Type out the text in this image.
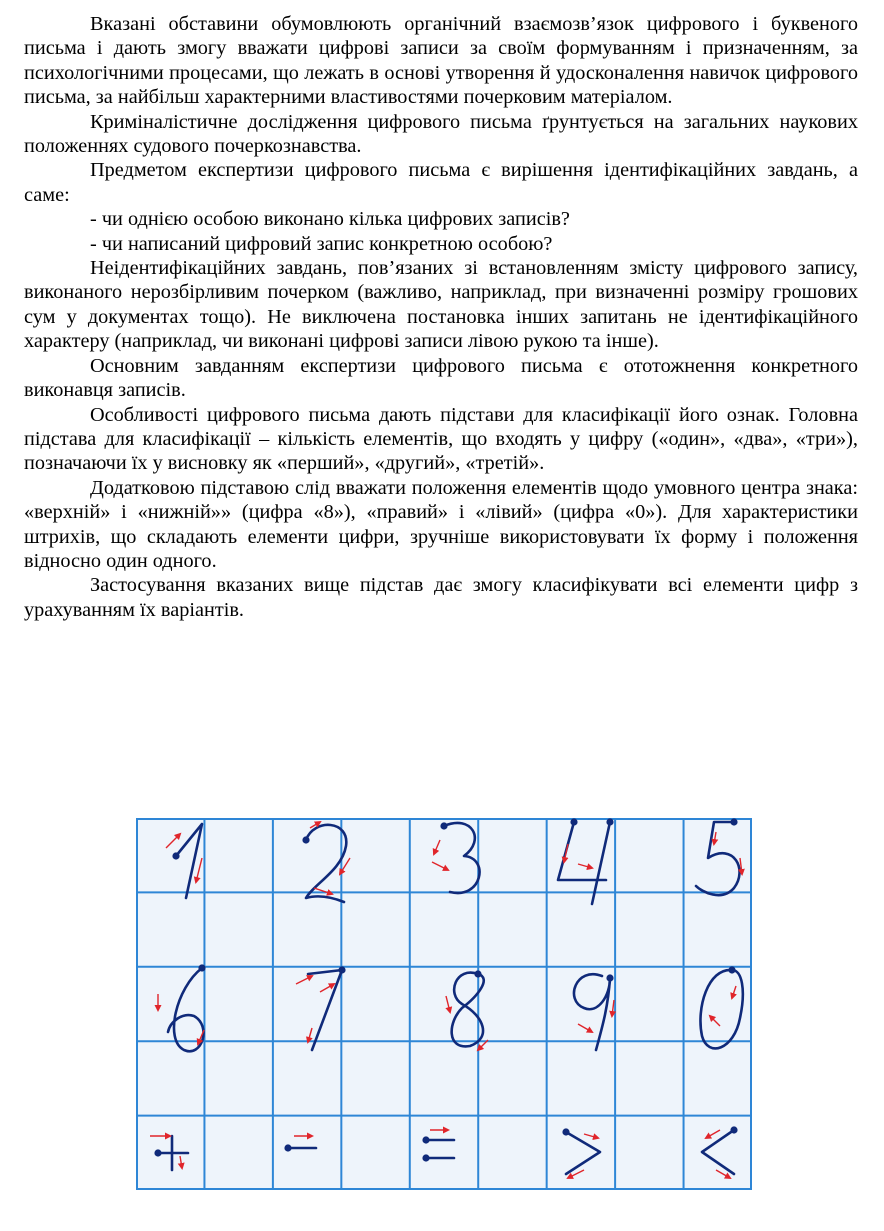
Вказані обставини обумовлюють органічний взаємозв’язок цифрового і буквеного письма і дають змогу вважати цифрові записи за своїм формуванням і призначенням, за психологічними процесами, що лежать в основі утворення й удосконалення навичок цифрового письма, за найбільш характерними властивостями почерковим матеріалом.

Криміналістичне дослідження цифрового письма ґрунтується на загальних наукових положеннях судового почеркознавства.

Предметом експертизи цифрового письма є вирішення ідентифікаційних завдань, а саме:

- чи однією особою виконано кілька цифрових записів?

- чи написаний цифровий запис конкретною особою?

Неідентифікаційних завдань, пов’язаних зі встановленням змісту цифрового запису, виконаного нерозбірливим почерком (важливо, наприклад, при визначенні розміру грошових сум у документах тощо). Не виключена постановка інших запитань не ідентифікаційного характеру (наприклад, чи виконані цифрові записи лівою рукою та інше).

Основним завданням експертизи цифрового письма є ототожнення конкретного виконавця записів.

Особливості цифрового письма дають підстави для класифікації його ознак. Головна підстава для класифікації – кількість елементів, що входять у цифру («один», «два», «три»), позначаючи їх у висновку як «перший», «другий», «третій».

Додатковою підставою слід вважати положення елементів щодо умовного центра знака: «верхній» і «нижній»» (цифра «8»), «правий» і «лівий» (цифра «0»). Для характеристики штрихів, що складають елементи цифри, зручніше використовувати їх форму і положення відносно один одного.

Застосування вказаних вище підстав дає змогу класифікувати всі елементи цифр з урахуванням їх варіантів.
